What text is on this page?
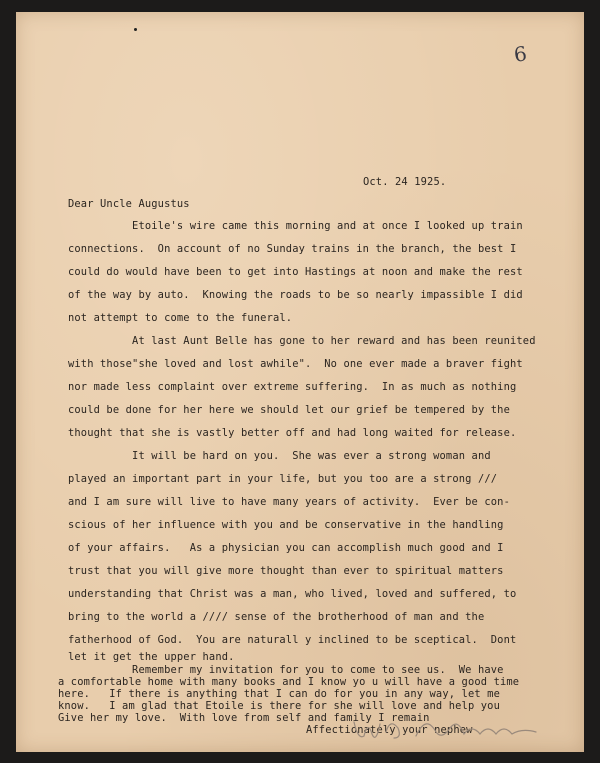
6

Oct. 24 1925.

Dear Uncle Augustus

Etoile's wire came this morning and at once I looked up train

connections.  On account of no Sunday trains in the branch, the best I

could do would have been to get into Hastings at noon and make the rest

of the way by auto.  Knowing the roads to be so nearly impassible I did

not attempt to come to the funeral.

At last Aunt Belle has gone to her reward and has been reunited

with those"she loved and lost awhile".  No one ever made a braver fight

nor made less complaint over extreme suffering.  In as much as nothing

could be done for her here we should let our grief be tempered by the

thought that she is vastly better off and had long waited for release.

It will be hard on you.  She was ever a strong woman and

played an important part in your life, but you too are a strong ///

and I am sure will live to have many years of activity.  Ever be con-

scious of her influence with you and be conservative in the handling

of your affairs.   As a physician you can accomplish much good and I

trust that you will give more thought than ever to spiritual matters

understanding that Christ was a man, who lived, loved and suffered, to

bring to the world a //// sense of the brotherhood of man and the

fatherhood of God.  You are naturall y inclined to be sceptical.  Dont

let it get the upper hand.

Remember my invitation for you to come to see us.  We have

a comfortable home with many books and I know yo u will have a good time

here.   If there is anything that I can do for you in any way, let me

know.   I am glad that Etoile is there for she will love and help you

Give her my love.  With love from self and family I remain

Affectionately your nephew
